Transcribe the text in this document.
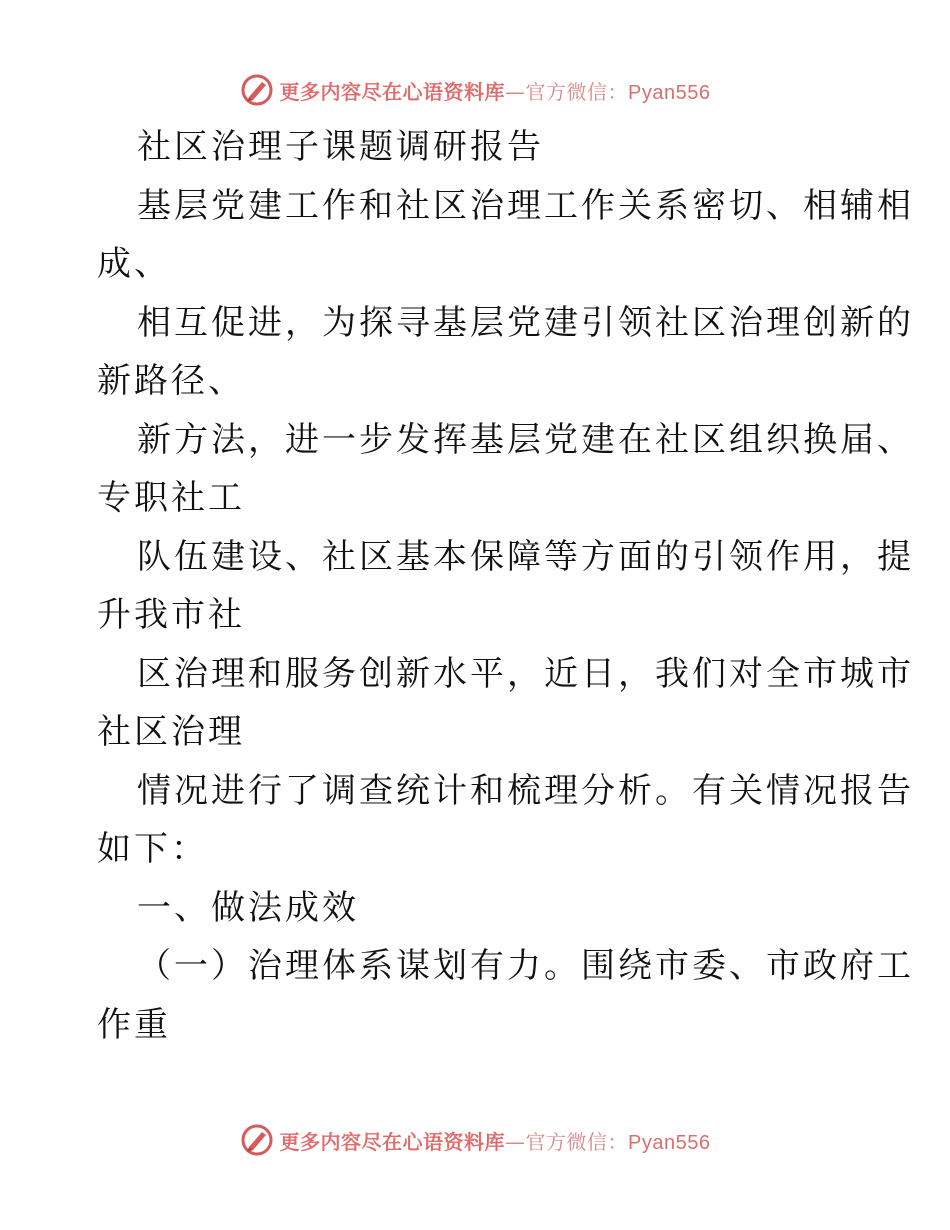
更多内容尽在心语资料库—官方微信：Pyan556
社区治理子课题调研报告
基层党建工作和社区治理工作关系密切、相辅相
成、
相互促进，为探寻基层党建引领社区治理创新的
新路径、
新方法，进一步发挥基层党建在社区组织换届、
专职社工
队伍建设、社区基本保障等方面的引领作用，提
升我市社
区治理和服务创新水平，近日，我们对全市城市
社区治理
情况进行了调查统计和梳理分析。有关情况报告
如下：
一、做法成效
（一）治理体系谋划有力。围绕市委、市政府工
作重
更多内容尽在心语资料库—官方微信：Pyan556
